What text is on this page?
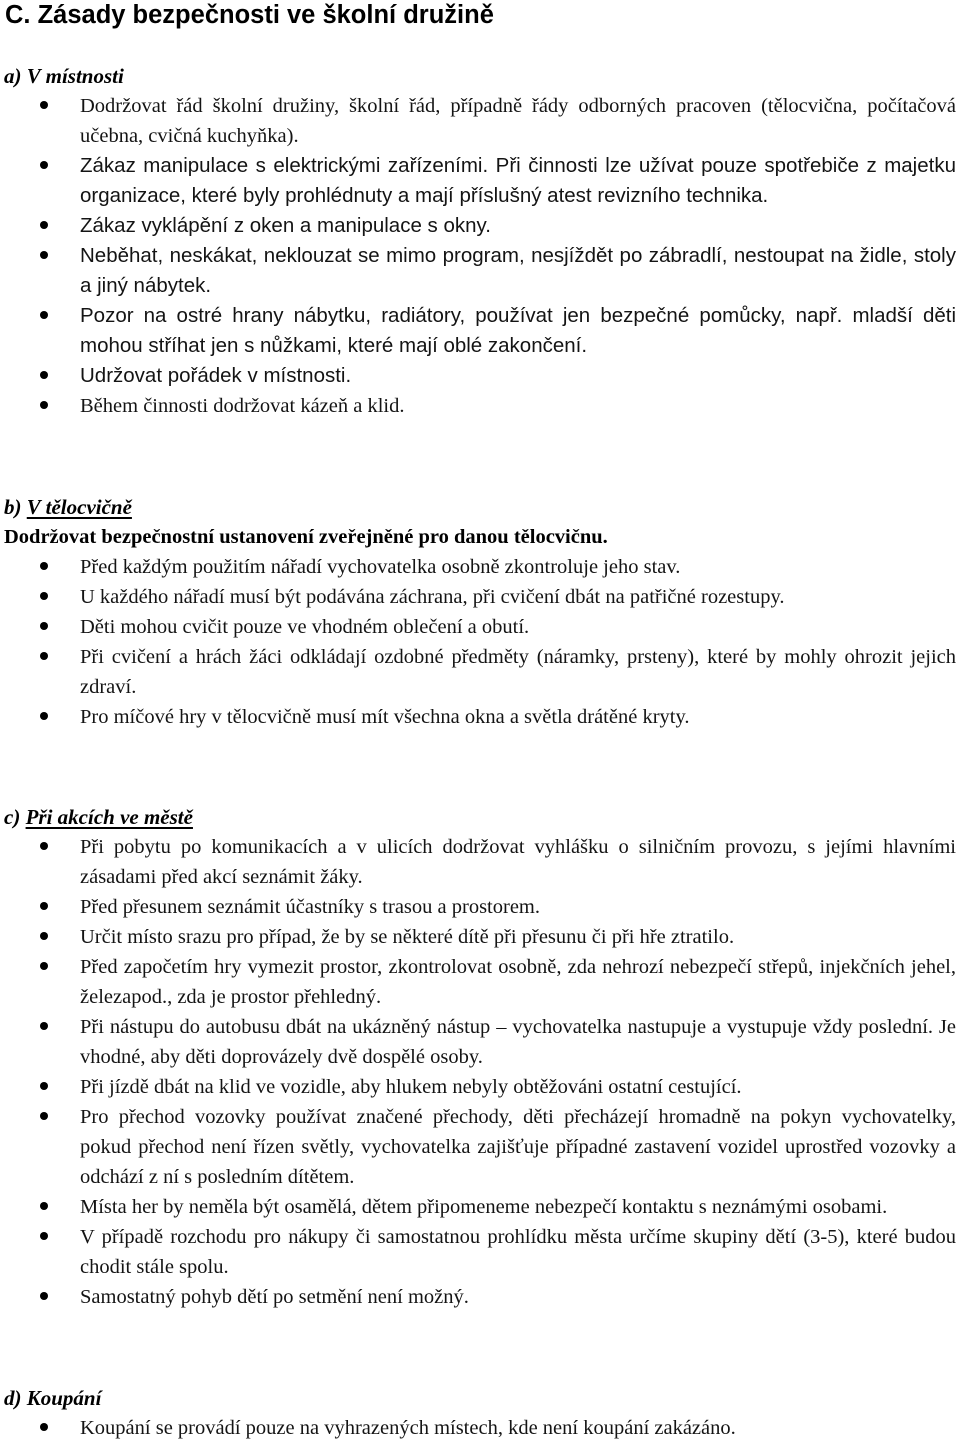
C. Zásady bezpečnosti ve školní družině
a) V místnosti
Dodržovat řád školní družiny, školní řád, případně řády odborných pracoven (tělocvična, počítačová učebna, cvičná kuchyňka).
Zákaz manipulace s elektrickými zařízeními. Při činnosti lze užívat pouze spotřebiče z majetku organizace, které byly prohlédnuty a mají příslušný atest revizního technika.
Zákaz vyklápění z oken a manipulace s okny.
Neběhat, neskákat, neklouzat se mimo program, nesjíždět po zábradlí, nestoupat na židle, stoly a jiný nábytek.
Pozor na ostré hrany nábytku, radiátory, používat jen bezpečné pomůcky, např. mladší děti mohou stříhat jen s nůžkami, které mají oblé zakončení.
Udržovat pořádek v místnosti.
Během činnosti dodržovat kázeň a klid.
b) V tělocvičně

Dodržovat bezpečnostní ustanovení zveřejněné pro danou tělocvičnu.

Před každým použitím nářadí vychovatelka osobně zkontroluje jeho stav.
U každého nářadí musí být podávána záchrana, při cvičení dbát na patřičné rozestupy.
Děti mohou cvičit pouze ve vhodném oblečení a obutí.
Při cvičení a hrách žáci odkládají ozdobné předměty (náramky, prsteny), které by mohly ohrozit jejich zdraví.
Pro míčové hry v tělocvičně musí mít všechna okna a světla drátěné kryty.
c) Při akcích ve městě
Při pobytu po komunikacích a v ulicích dodržovat vyhlášku o silničním provozu, s jejími hlavními zásadami před akcí seznámit žáky.
Před přesunem seznámit účastníky s trasou a prostorem.
Určit místo srazu pro případ, že by se některé dítě při přesunu či při hře ztratilo.
Před započetím hry vymezit prostor, zkontrolovat osobně, zda nehrozí nebezpečí střepů, injekčních jehel, železapod., zda je prostor přehledný.
Při nástupu do autobusu dbát na ukázněný nástup – vychovatelka nastupuje a vystupuje vždy poslední. Je vhodné, aby děti doprovázely dvě dospělé osoby.
Při jízdě dbát na klid ve vozidle, aby hlukem nebyly obtěžováni ostatní cestující.
Pro přechod vozovky používat značené přechody, děti přecházejí hromadně na pokyn vychovatelky, pokud přechod není řízen světly, vychovatelka zajišťuje případné zastavení vozidel uprostřed vozovky a odchází z ní s posledním dítětem.
Místa her by neměla být osamělá, dětem připomeneme nebezpečí kontaktu s neznámými osobami.
V případě rozchodu pro nákupy či samostatnou prohlídku města určíme skupiny dětí (3-5), které budou chodit stále spolu.
Samostatný pohyb dětí po setmění není možný.
d) Koupání
Koupání se provádí pouze na vyhrazených místech, kde není koupání zakázáno.
